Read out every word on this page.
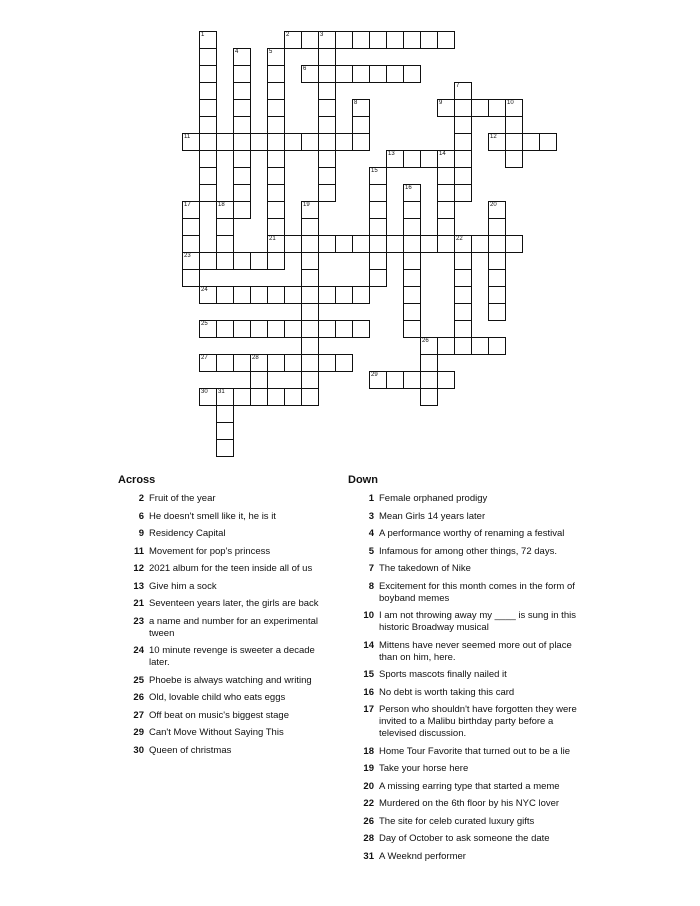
2	3
6
9	10
11	12
13	14
21	22
23
24
25
26
27	28
29
30 31
1
4	5
7
8
15
16
17	18	19	20
Across
2 Fruit of the year
6 He doesn't smell like it, he is it
9 Residency Capital
11 Movement for pop's princess
12 2021 album for the teen inside all of us
13 Give him a sock
21 Seventeen years later, the girls are back
23 a name and number for an experimental tween
24 10 minute revenge is sweeter a decade later.
25 Phoebe is always watching and writing
26 Old, lovable child who eats eggs
27 Off beat on music's biggest stage
29 Can't Move Without Saying This
30 Queen of christmas
Down
1 Female orphaned prodigy
3 Mean Girls 14 years later
4 A performance worthy of renaming a festival
5 Infamous for among other things, 72 days.
7 The takedown of Nike
8 Excitement for this month comes in the form of boyband memes
10 I am not throwing away my ____ is sung in this historic Broadway musical
14 Mittens have never seemed more out of place than on him, here.
15 Sports mascots finally nailed it
16 No debt is worth taking this card
17 Person who shouldn't have forgotten they were invited to a Malibu birthday party before a televised discussion.
18 Home Tour Favorite that turned out to be a lie
19 Take your horse here
20 A missing earring type that started a meme
22 Murdered on the 6th floor by his NYC lover
26 The site for celeb curated luxury gifts
28 Day of October to ask someone the date
31 A Weeknd performer
